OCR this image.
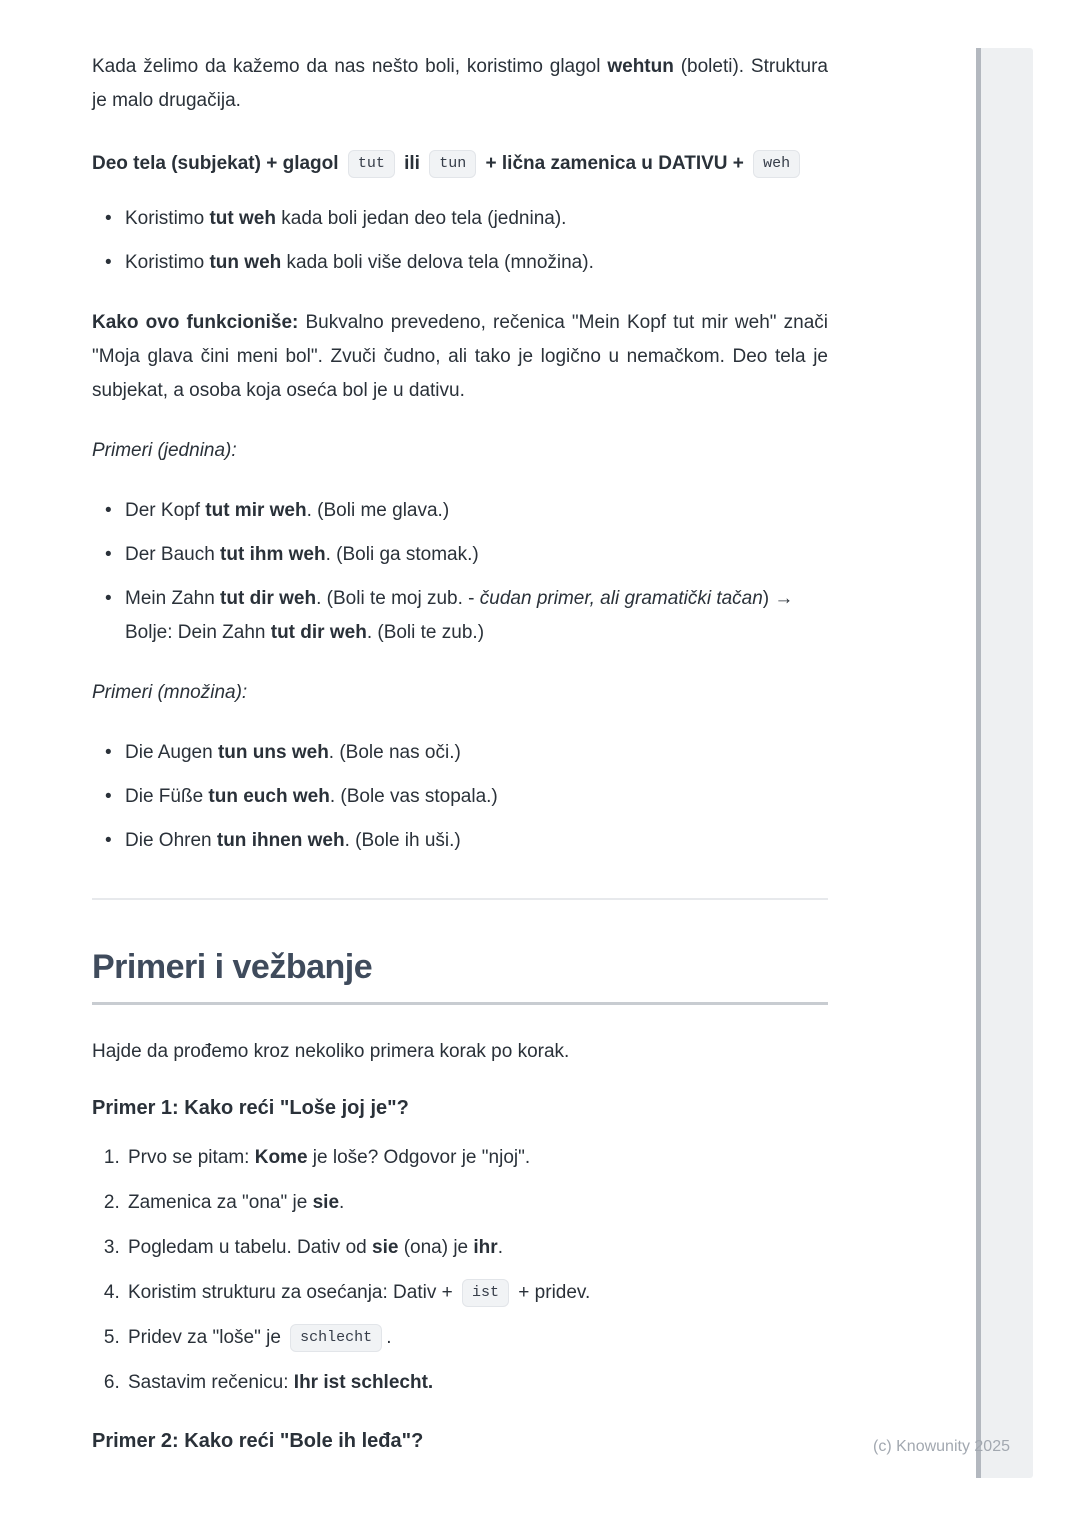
Kada želimo da kažemo da nas nešto boli, koristimo glagol wehtun (boleti). Struktura je malo drugačija.

Deo tela (subjekat) + glagol tut ili tun + lična zamenica u DATIVU + weh

• Koristimo tut weh kada boli jedan deo tela (jednina).
• Koristimo tun weh kada boli više delova tela (množina).

Kako ovo funkcioniše: Bukvalno prevedeno, rečenica "Mein Kopf tut mir weh" znači "Moja glava čini meni bol". Zvuči čudno, ali tako je logično u nemačkom. Deo tela je subjekat, a osoba koja oseća bol je u dativu.

Primeri (jednina):

• Der Kopf tut mir weh. (Boli me glava.)
• Der Bauch tut ihm weh. (Boli ga stomak.)
• Mein Zahn tut dir weh. (Boli te moj zub. - čudan primer, ali gramatički tačan) → Bolje: Dein Zahn tut dir weh. (Boli te zub.)

Primeri (množina):

• Die Augen tun uns weh. (Bole nas oči.)
• Die Füße tun euch weh. (Bole vas stopala.)
• Die Ohren tun ihnen weh. (Bole ih uši.)
Primeri i vežbanje

Hajde da prođemo kroz nekoliko primera korak po korak.

Primer 1: Kako reći "Loše joj je"?
1. Prvo se pitam: Kome je loše? Odgovor je "njoj".
2. Zamenica za "ona" je sie.
3. Pogledam u tabelu. Dativ od sie (ona) je ihr.
4. Koristim strukturu za osećanja: Dativ + ist + pridev.
5. Pridev za "loše" je schlecht .
6. Sastavim rečenicu: Ihr ist schlecht.
Primer 2: Kako reći "Bole ih leđa"?	(c) Knowunity 2025
